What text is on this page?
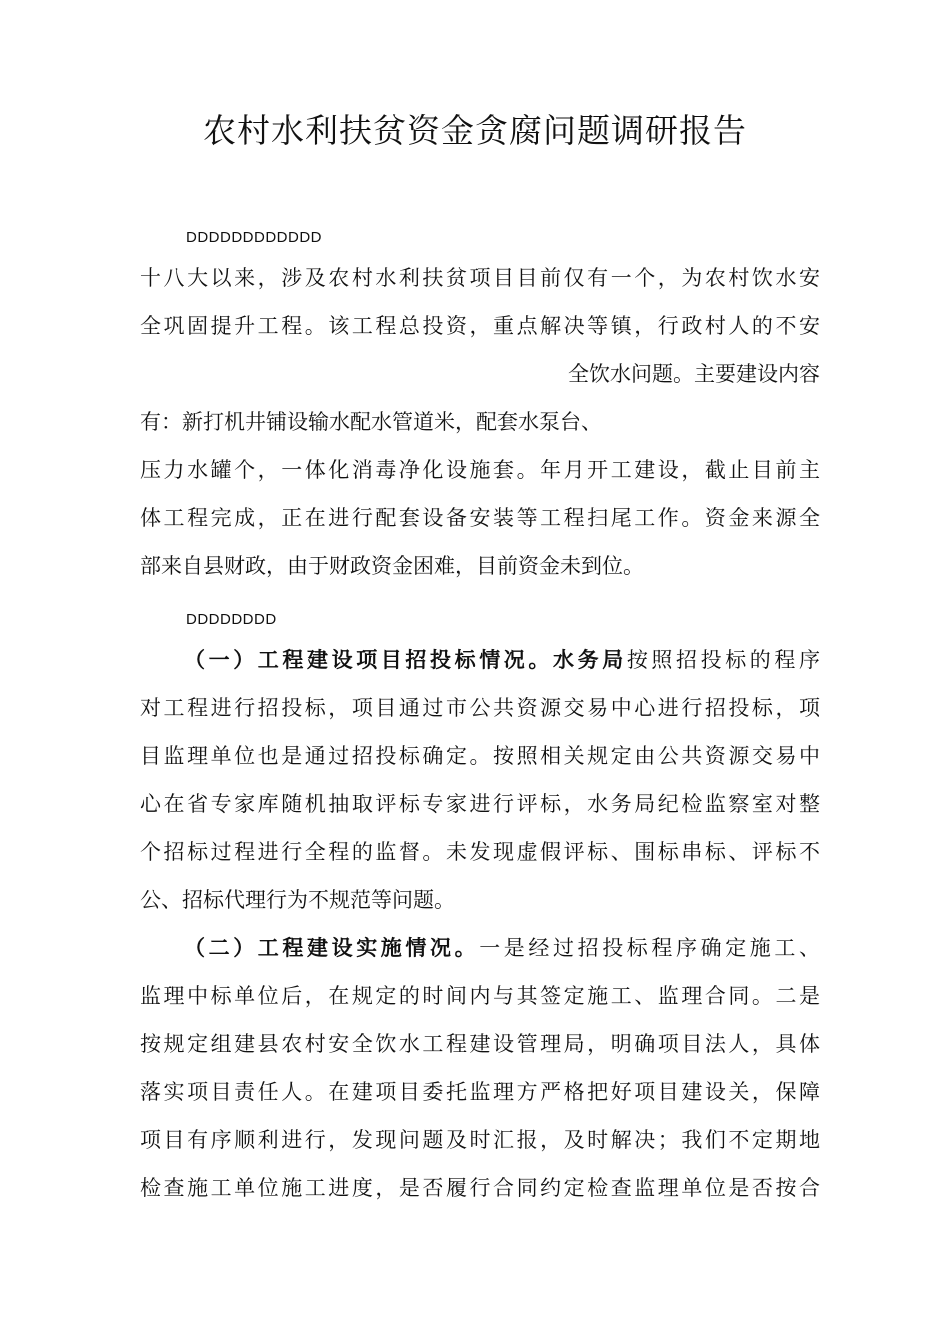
农村水利扶贫资金贪腐问题调研报告
DDDDDDDDDDDD
十八大以来，涉及农村水利扶贫项目目前仅有一个，为农村饮水安
全巩固提升工程。该工程总投资，重点解决等镇，行政村人的不安
全饮水问题。主要建设内容
有：新打机井铺设输水配水管道米，配套水泵台、
压力水罐个，一体化消毒净化设施套。年月开工建设，截止目前主
体工程完成，正在进行配套设备安装等工程扫尾工作。资金来源全
部来自县财政，由于财政资金困难，目前资金未到位。
DDDDDDDD
（一）工程建设项目招投标情况。水务局按照招投标的程序
对工程进行招投标，项目通过市公共资源交易中心进行招投标，项
目监理单位也是通过招投标确定。按照相关规定由公共资源交易中
心在省专家库随机抽取评标专家进行评标，水务局纪检监察室对整
个招标过程进行全程的监督。未发现虚假评标、围标串标、评标不
公、招标代理行为不规范等问题。
（二）工程建设实施情况。一是经过招投标程序确定施工、
监理中标单位后，在规定的时间内与其签定施工、监理合同。二是
按规定组建县农村安全饮水工程建设管理局，明确项目法人，具体
落实项目责任人。在建项目委托监理方严格把好项目建设关，保障
项目有序顺利进行，发现问题及时汇报，及时解决；我们不定期地
检查施工单位施工进度，是否履行合同约定检查监理单位是否按合
